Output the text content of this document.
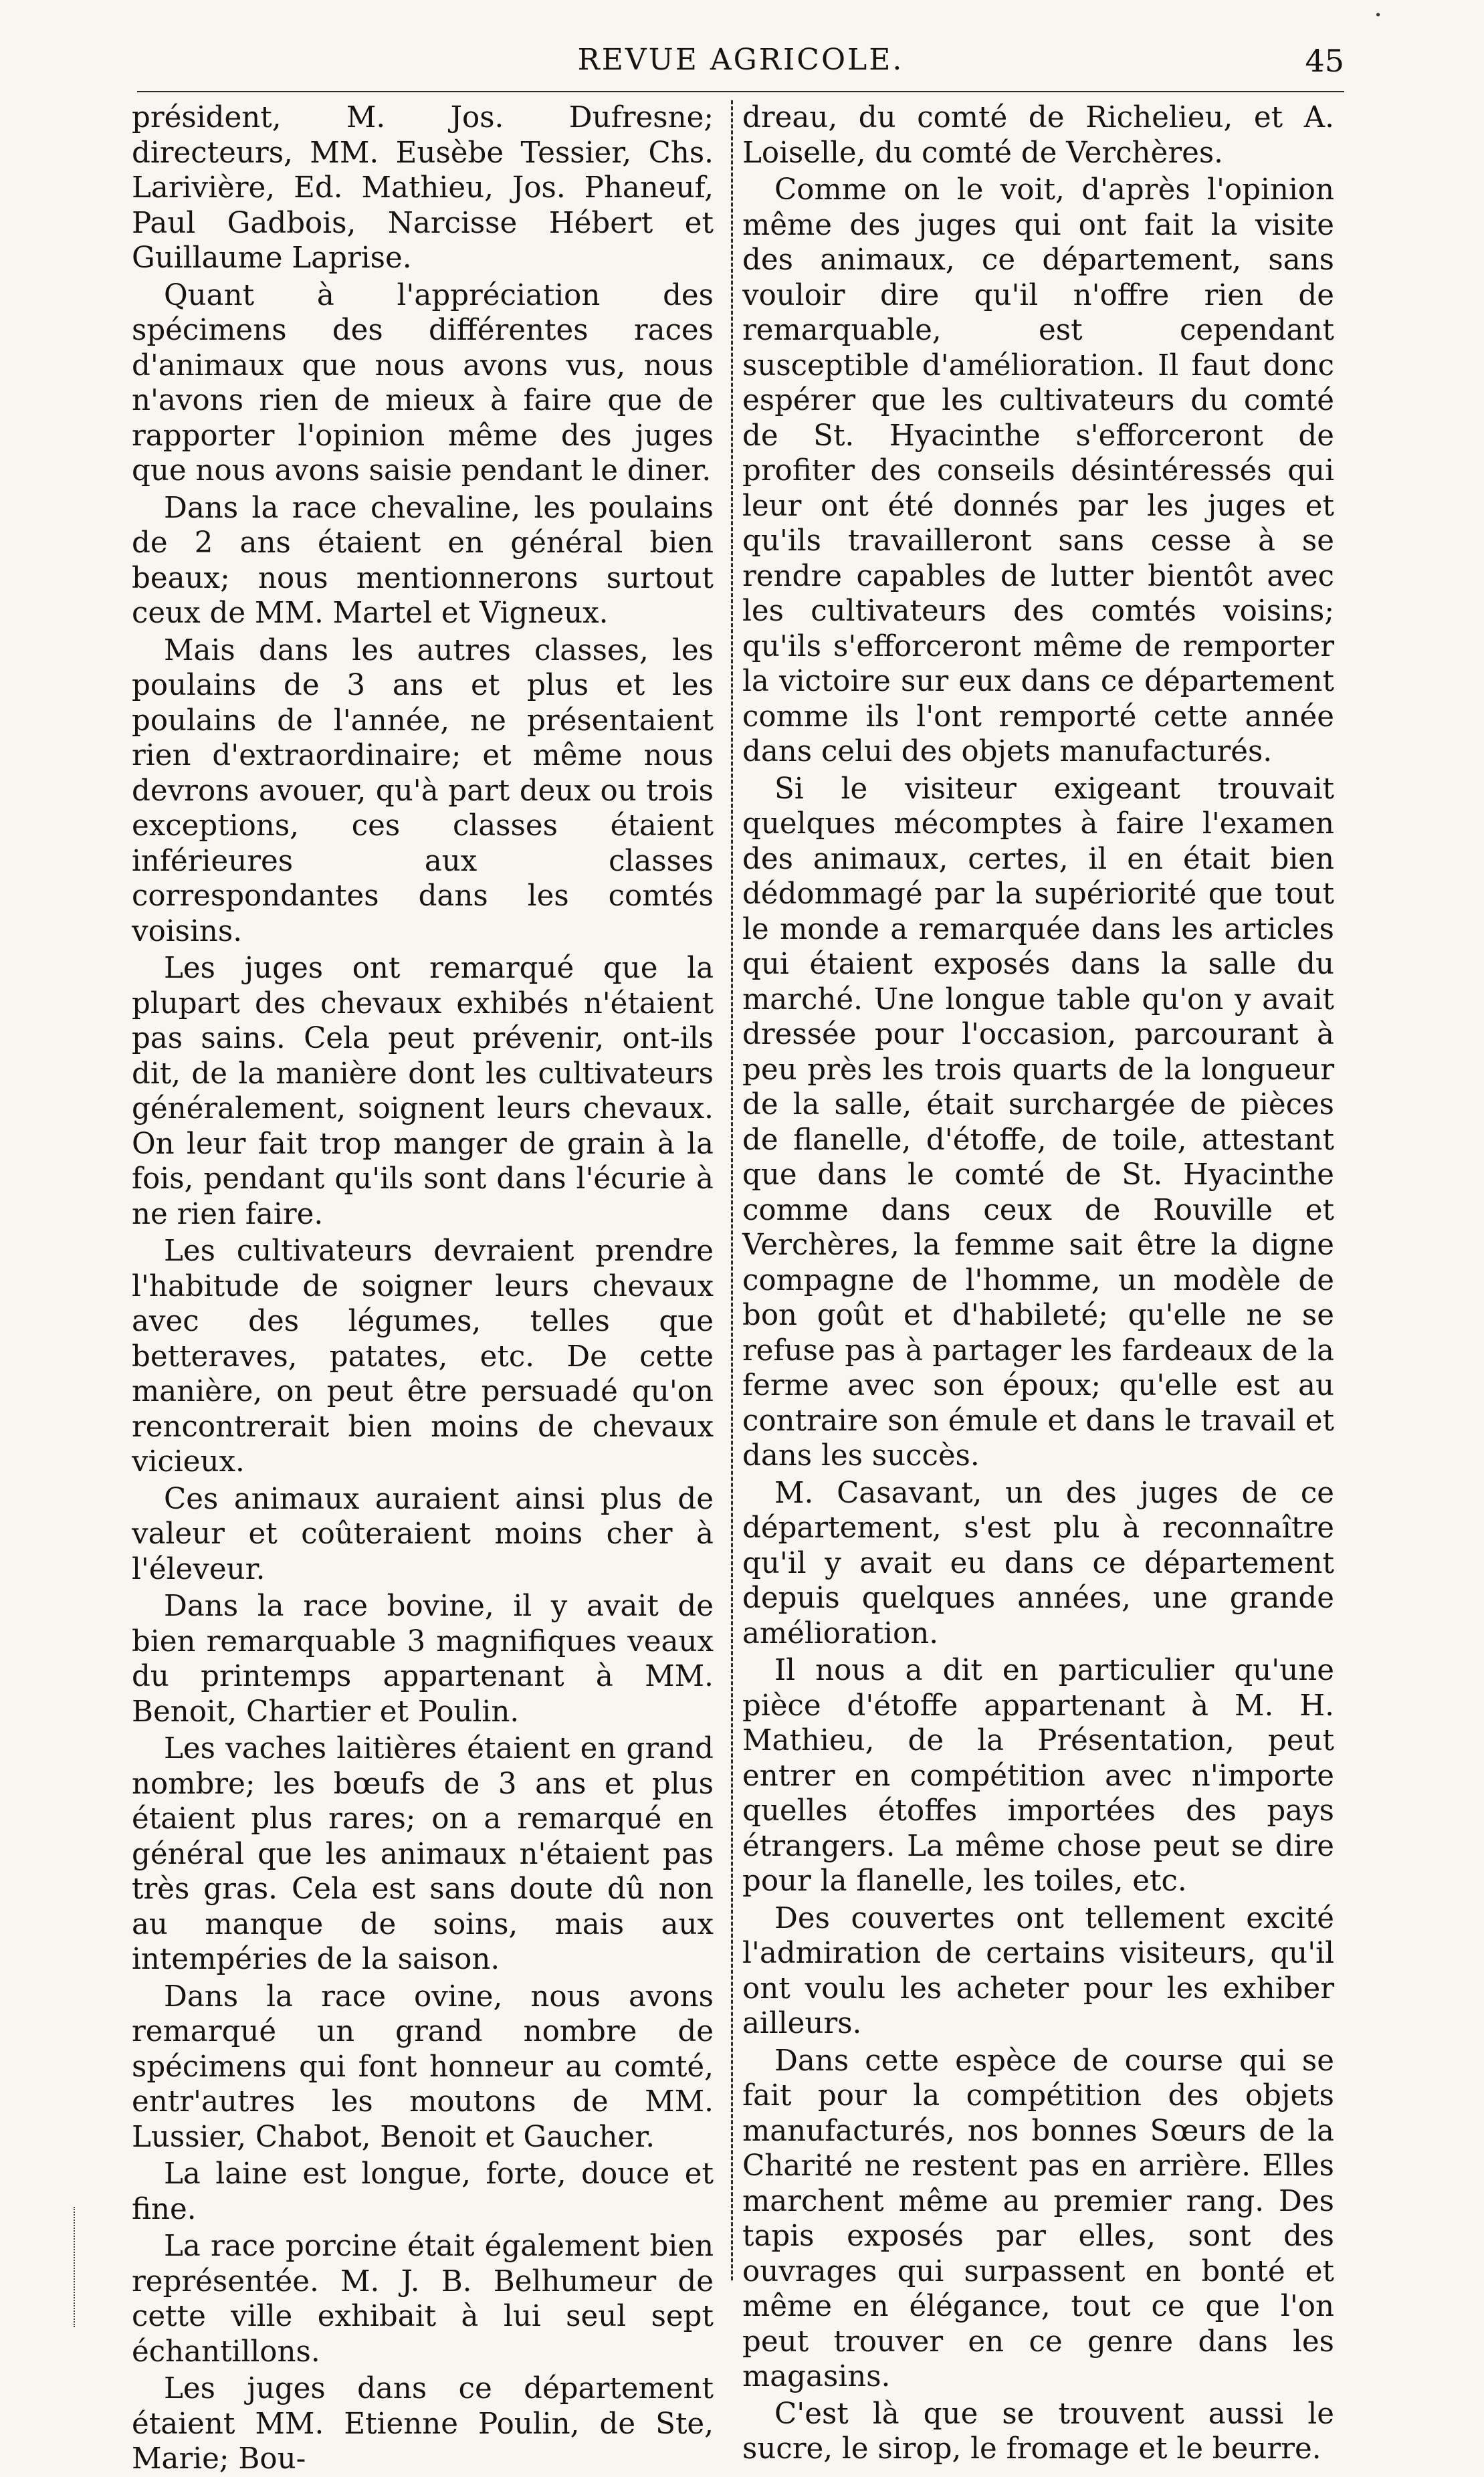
·
REVUE AGRICOLE.	45

président, M. Jos. Dufresne; directeurs, MM. Eusèbe Tessier, Chs. Larivière, Ed. Mathieu, Jos. Phaneuf, Paul Gadbois, Narcisse Hébert et Guillaume Laprise.

Quant à l'appréciation des spécimens des différentes races d'animaux que nous avons vus, nous n'avons rien de mieux à faire que de rapporter l'opinion même des juges que nous avons saisie pendant le diner.

Dans la race chevaline, les poulains de 2 ans étaient en général bien beaux; nous mentionnerons surtout ceux de MM. Martel et Vigneux.

Mais dans les autres classes, les poulains de 3 ans et plus et les poulains de l'année, ne présentaient rien d'extraordinaire; et même nous devrons avouer, qu'à part deux ou trois exceptions, ces classes étaient inférieures aux classes correspondantes dans les comtés voisins.

Les juges ont remarqué que la plupart des chevaux exhibés n'étaient pas sains. Cela peut prévenir, ont-ils dit, de la manière dont les cultivateurs généralement, soignent leurs chevaux. On leur fait trop manger de grain à la fois, pendant qu'ils sont dans l'écurie à ne rien faire.

Les cultivateurs devraient prendre l'habitude de soigner leurs chevaux avec des légumes, telles que betteraves, patates, etc. De cette manière, on peut être persuadé qu'on rencontrerait bien moins de chevaux vicieux.

Ces animaux auraient ainsi plus de valeur et coûteraient moins cher à l'éleveur.

Dans la race bovine, il y avait de bien remarquable 3 magnifiques veaux du printemps appartenant à MM. Benoit, Chartier et Poulin.

Les vaches laitières étaient en grand nombre; les bœufs de 3 ans et plus étaient plus rares; on a remarqué en général que les animaux n'étaient pas très gras. Cela est sans doute dû non au manque de soins, mais aux intempéries de la saison.

Dans la race ovine, nous avons remarqué un grand nombre de spécimens qui font honneur au comté, entr'autres les moutons de MM. Lussier, Chabot, Benoit et Gaucher.

La laine est longue, forte, douce et fine.

La race porcine était également bien représentée. M. J. B. Belhumeur de cette ville exhibait à lui seul sept échantillons.

Les juges dans ce département étaient MM. Etienne Poulin, de Ste, Marie; Bou-

dreau, du comté de Richelieu, et A. Loiselle, du comté de Verchères.

Comme on le voit, d'après l'opinion même des juges qui ont fait la visite des animaux, ce département, sans vouloir dire qu'il n'offre rien de remarquable, est cependant susceptible d'amélioration. Il faut donc espérer que les cultivateurs du comté de St. Hyacinthe s'efforceront de profiter des conseils désintéressés qui leur ont été donnés par les juges et qu'ils travailleront sans cesse à se rendre capables de lutter bientôt avec les cultivateurs des comtés voisins; qu'ils s'efforceront même de remporter la victoire sur eux dans ce département comme ils l'ont remporté cette année dans celui des objets manufacturés.

Si le visiteur exigeant trouvait quelques mécomptes à faire l'examen des animaux, certes, il en était bien dédommagé par la supériorité que tout le monde a remarquée dans les articles qui étaient exposés dans la salle du marché. Une longue table qu'on y avait dressée pour l'occasion, parcourant à peu près les trois quarts de la longueur de la salle, était surchargée de pièces de flanelle, d'étoffe, de toile, attestant que dans le comté de St. Hyacinthe comme dans ceux de Rouville et Verchères, la femme sait être la digne compagne de l'homme, un modèle de bon goût et d'habileté; qu'elle ne se refuse pas à partager les fardeaux de la ferme avec son époux; qu'elle est au contraire son émule et dans le travail et dans les succès.

M. Casavant, un des juges de ce département, s'est plu à reconnaître qu'il y avait eu dans ce département depuis quelques années, une grande amélioration.

Il nous a dit en particulier qu'une pièce d'étoffe appartenant à M. H. Mathieu, de la Présentation, peut entrer en compétition avec n'importe quelles étoffes importées des pays étrangers. La même chose peut se dire pour la flanelle, les toiles, etc.

Des couvertes ont tellement excité l'admiration de certains visiteurs, qu'il ont voulu les acheter pour les exhiber ailleurs.

Dans cette espèce de course qui se fait pour la compétition des objets manufacturés, nos bonnes Sœurs de la Charité ne restent pas en arrière. Elles marchent même au premier rang. Des tapis exposés par elles, sont des ouvrages qui surpassent en bonté et même en élégance, tout ce que l'on peut trouver en ce genre dans les magasins.

C'est là que se trouvent aussi le sucre, le sirop, le fromage et le beurre.
